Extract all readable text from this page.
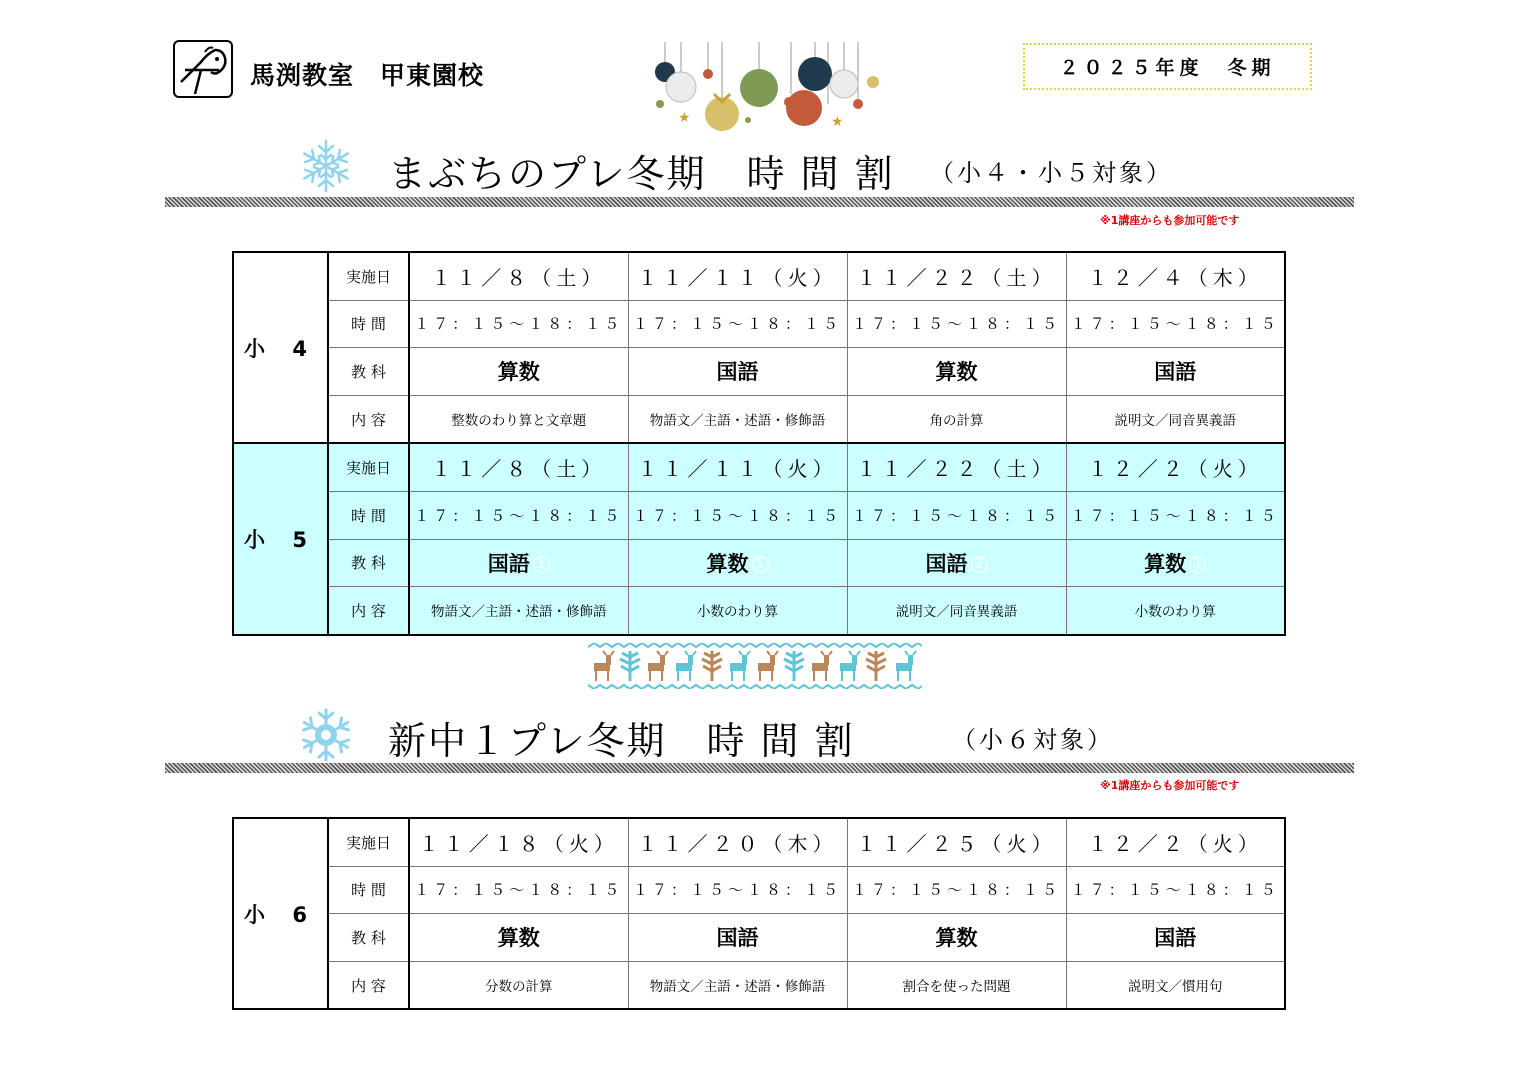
馬渕教室　甲東園校
★	★
２０２５年度　冬期
まぶちのプレ冬期　時 間 割 （小４・小５対象）
※1講座からも参加可能です
小 4	実施日	１１／８（土）	１１／１１（火）	１１／２２（土）	１２／４（木）
	時 間	１７：１５～１８：１５	１７：１５～１８：１５	１７：１５～１８：１５	１７：１５～１８：１５
	教 科	算数	国語	算数	国語
	内 容	整数のわり算と文章題	物語文／主語・述語・修飾語	角の計算	説明文／同音異義語
小 5	実施日	１１／８（土）	１１／１１（火）	１１／２２（土）	１２／２（火）
	時 間	１７：１５～１８：１５	１７：１５～１８：１５	１７：１５～１８：１５	１７：１５～１８：１５
	教 科	国語 1	算数 1	国語 2	算数 1
	内 容	物語文／主語・述語・修飾語	小数のわり算	説明文／同音異義語	小数のわり算
新中１プレ冬期　時 間 割	（小６対象）
※1講座からも参加可能です
小 6	実施日	１１／１８（火）	１１／２０（木）	１１／２５（火）	１２／２（火）
	時 間	１７：１５～１８：１５	１７：１５～１８：１５	１７：１５～１８：１５	１７：１５～１８：１５
	教 科	算数	国語	算数	国語
	内 容	分数の計算	物語文／主語・述語・修飾語	割合を使った問題	説明文／慣用句
